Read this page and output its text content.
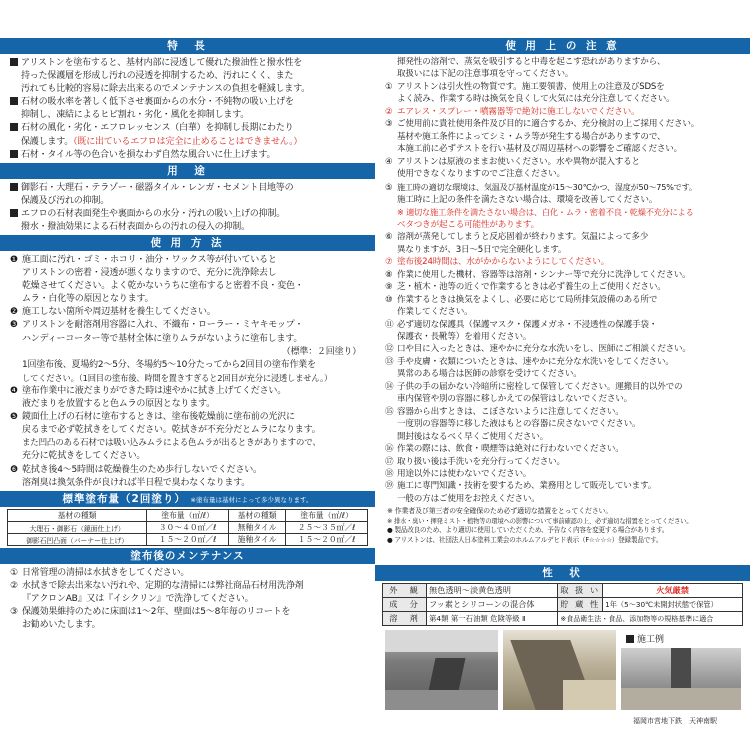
特　長
アリストンを塗布すると、基材内部に浸透して優れた撥油性と撥水性を
持った保護層を形成し汚れの浸透を抑制するため、汚れにくく、また
汚れても比較的容易に除去出来るのでメンテナンスの負担を軽減します。
石材の吸水率を著しく低下させ裏面からの水分・不純物の吸い上げを
抑制し、凍結によるヒビ割れ・劣化・風化を抑制します。
石材の風化・劣化・エフロレッセンス（白華）を抑制し長期にわたり
保護します。（既に出ているエフロは完全に止めることはできません。）
石材・タイル等の色合いを損なわず自然な風合いに仕上げます。
用　途
御影石・大理石・テラゾー・磁器タイル・レンガ・セメント目地等の
保護及び汚れの抑制。
エフロの石材表面発生や裏面からの水分・汚れの吸い上げの抑制。
撥水・撥油効果による石材表面からの汚れの侵入の抑制。
使 用 方 法
❶ 施工面に汚れ・ゴミ・ホコリ・油分・ワックス等が付いていると
アリストンの密着・浸透が悪くなりますので、充分に洗浄除去し
乾燥させてください。よく乾かないうちに塗布すると密着不良・変色・
ムラ・白化等の原因となります。
❷ 施工しない箇所や周辺基材を養生してください。
❸ アリストンを耐溶剤用容器に入れ、不織布・ローラー・ミヤキモップ・
ハンディーコーター等で基材全体に塗りムラがないように塗布します。
（標準：２回塗り）
1回塗布後、夏場約2～5分、冬場約5～10分たってから2回目の塗布作業を
してください。（1回目の塗布後、時間を置きすぎると2回目が充分に浸透しません。）
❹ 塗布作業中に液だまりができた時は速やかに拭き上げてください。
液だまりを放置すると色ムラの原因となります。
❺ 鏡面仕上げの石材に塗布するときは、塗布後乾燥前に塗布前の光沢に
戻るまで必ず乾拭きをしてください。乾拭きが不充分だとムラになります。
また凹凸のある石材では吸い込みムラによる色ムラが出るときがありますので、
充分に乾拭きをしてください。
❻ 乾拭き後4～5時間は乾燥養生のため歩行しないでください。
溶剤臭は換気条件が良ければ半日程で臭わなくなります。
標準塗布量（2回塗り） ※塗布量は基材によって多少異なります。
基材の種類	塗布量（㎡/ℓ）	基材の種類	塗布量（㎡/ℓ）
大理石・御影石（鏡面仕上げ）	３０～４０㎡／ℓ	無釉タイル	２５～３５㎡／ℓ
御影石凹凸面（バーナー仕上げ）	１５～２０㎡／ℓ	施釉タイル	１５～２０㎡／ℓ
塗布後のメンテナンス
① 日常管理の清掃は水拭きをしてください。
② 水拭きで除去出来ない汚れや、定期的な清掃には弊社商品石材用洗浄剤
『アクロンAB』又は『イシクリン』で洗浄してください。
③ 保護効果維持のために床面は1～2年、壁面は5～8年毎のリコートを
お勧めいたします。
使 用 上 の 注 意
揮発性の溶剤で、蒸気を吸引すると中毒を起こす恐れがありますから、
取扱いには下記の注意事項を守ってください。
① アリストンは引火性の物質です。施工要領書、使用上の注意及びSDSを
よく読み、作業する時は換気を良くして火気には充分注意してください。
② エアレス・スプレー・噴霧器等で絶対に施工しないでください。
③ ご使用前に貴社使用条件及び目的に適合するか、充分検討の上ご採用ください。
基材や施工条件によってシミ・ムラ等が発生する場合がありますので、
本施工前に必ずテストを行い基材及び周辺基材への影響をご確認ください。
④ アリストンは原液のままお使いください。水や異物が混入すると
使用できなくなりますのでご注意ください。
⑤ 施工時の適切な環境は、気温及び基材温度が15～30℃かつ、湿度が50～75%です。
施工時に上記の条件を満たさない場合は、環境を改善してください。
※ 適切な施工条件を満たさない場合は、白化・ムラ・密着不良・乾燥不充分による
ベタつきが起こる可能性があります。
⑥ 溶剤が蒸発してしまうと反応固着が終わります。気温によって多少
異なりますが、3日～5日で完全硬化します。
⑦ 塗布後24時間は、水がかからないようにしてください。
⑧ 作業に使用した機材、容器等は溶剤・シンナー等で充分に洗浄してください。
⑨ 芝・植木・池等の近くで作業するときは必ず養生の上ご使用ください。
⑩ 作業するときは換気をよくし、必要に応じて局所排気設備のある所で
作業してください。
⑪ 必ず適切な保護具（保護マスク・保護メガネ・不浸透性の保護手袋・
保護衣・長靴等）を着用ください。
⑫ 口や目に入ったときは、速やかに充分な水洗いをし、医師にご相談ください。
⑬ 手や皮膚・衣類についたときは、速やかに充分な水洗いをしてください。
異常のある場合は医師の診察を受けてください。
⑭ 子供の手の届かない冷暗所に密栓して保管してください。運搬目的以外での
車内保管や別の容器に移しかえての保管はしないでください。
⑮ 容器から出すときは、こぼさないように注意してください。
一度別の容器等に移した液はもとの容器に戻さないでください。
開封後はなるべく早くご使用ください。
⑯ 作業の際には、飲食・喫煙等は絶対に行わないでください。
⑰ 取り扱い後は手洗いを充分行ってください。
⑱ 用途以外には使わないでください。
⑲ 施工に専門知識・技術を要するため、業務用として販売しています。
一般の方はご使用をお控えください。
※ 作業者及び第三者の安全確保のため必ず適切な措置をとってください。
※ 排水・臭い・揮発ミスト・植物等の環境への影響について事前確認の上、必ず適切な措置をとってください。
● 製品改良のため、より適切に使用していただくため、予告なく内容を変更する場合があります。
● アリストンは、社団法人日本塗料工業会のホルムアルデヒド表示（F☆☆☆☆）登録製品です。
性　状
外　観	無色透明～淡黄色透明	取 扱 い	火気厳禁
成　分	フッ素とシリコーンの混合体	貯 蔵 性	1年（5～30℃未開封状態で保管）
溶　剤	第4類 第一石油類 危険等級 Ⅱ	※食品衛生法・食品、添加物等の規格基準に適合	
施工例
福岡市営地下鉄　天神南駅
